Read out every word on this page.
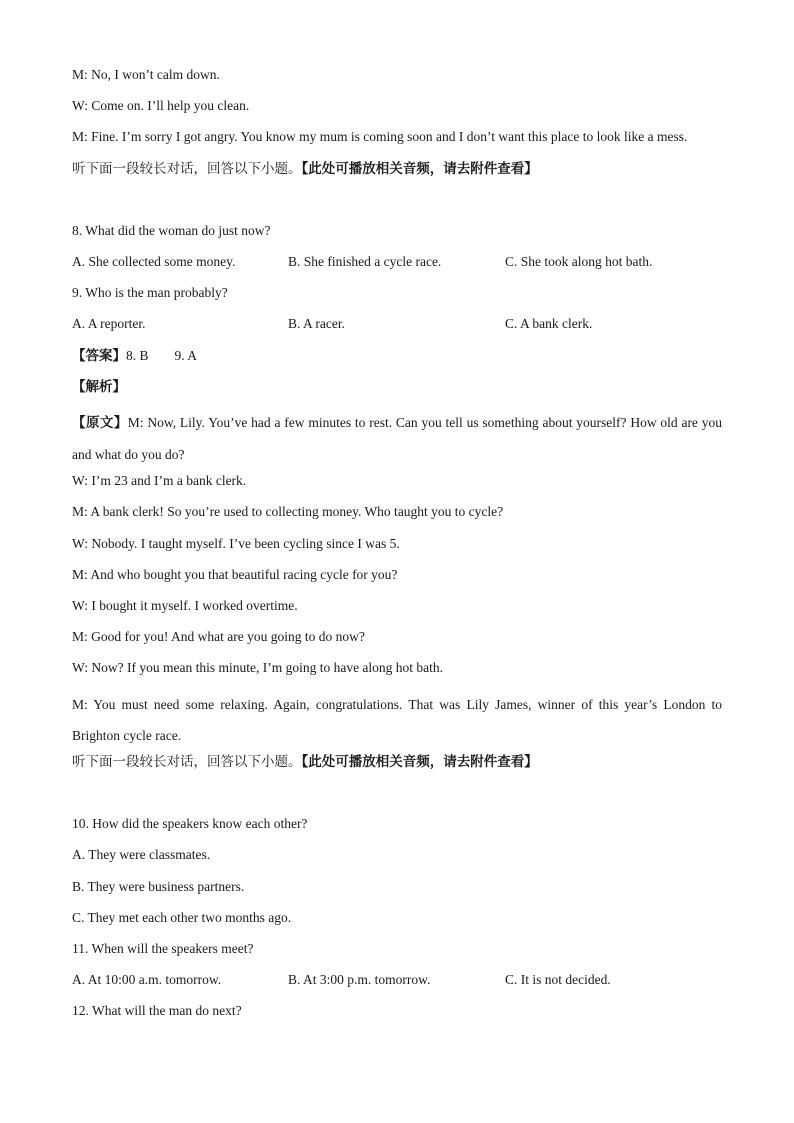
M: No, I won’t calm down.
W: Come on. I’ll help you clean.
M: Fine. I’m sorry I got angry. You know my mum is coming soon and I don’t want this place to look like a mess.
听下面一段较长对话，回答以下小题。【此处可播放相关音频，请去附件查看】
8. What did the woman do just now?
A. She collected some money.	B. She finished a cycle race.	C. She took along hot bath.
9. Who is the man probably?
A. A reporter.	B. A racer.	C. A bank clerk.
【答案】8. B 9. A
【解析】
【原文】M: Now, Lily. You’ve had a few minutes to rest. Can you tell us something about yourself? How old are you and what do you do?
W: I’m 23 and I’m a bank clerk.
M: A bank clerk! So you’re used to collecting money. Who taught you to cycle?
W: Nobody. I taught myself. I’ve been cycling since I was 5.
M: And who bought you that beautiful racing cycle for you?
W: I bought it myself. I worked overtime.
M: Good for you! And what are you going to do now?
W: Now? If you mean this minute, I’m going to have along hot bath.
M: You must need some relaxing. Again, congratulations. That was Lily James, winner of this year’s London to Brighton cycle race.
听下面一段较长对话，回答以下小题。【此处可播放相关音频，请去附件查看】
10. How did the speakers know each other?
A. They were classmates.
B. They were business partners.
C. They met each other two months ago.
11. When will the speakers meet?
A. At 10:00 a.m. tomorrow.	B. At 3:00 p.m. tomorrow.	C. It is not decided.
12. What will the man do next?
